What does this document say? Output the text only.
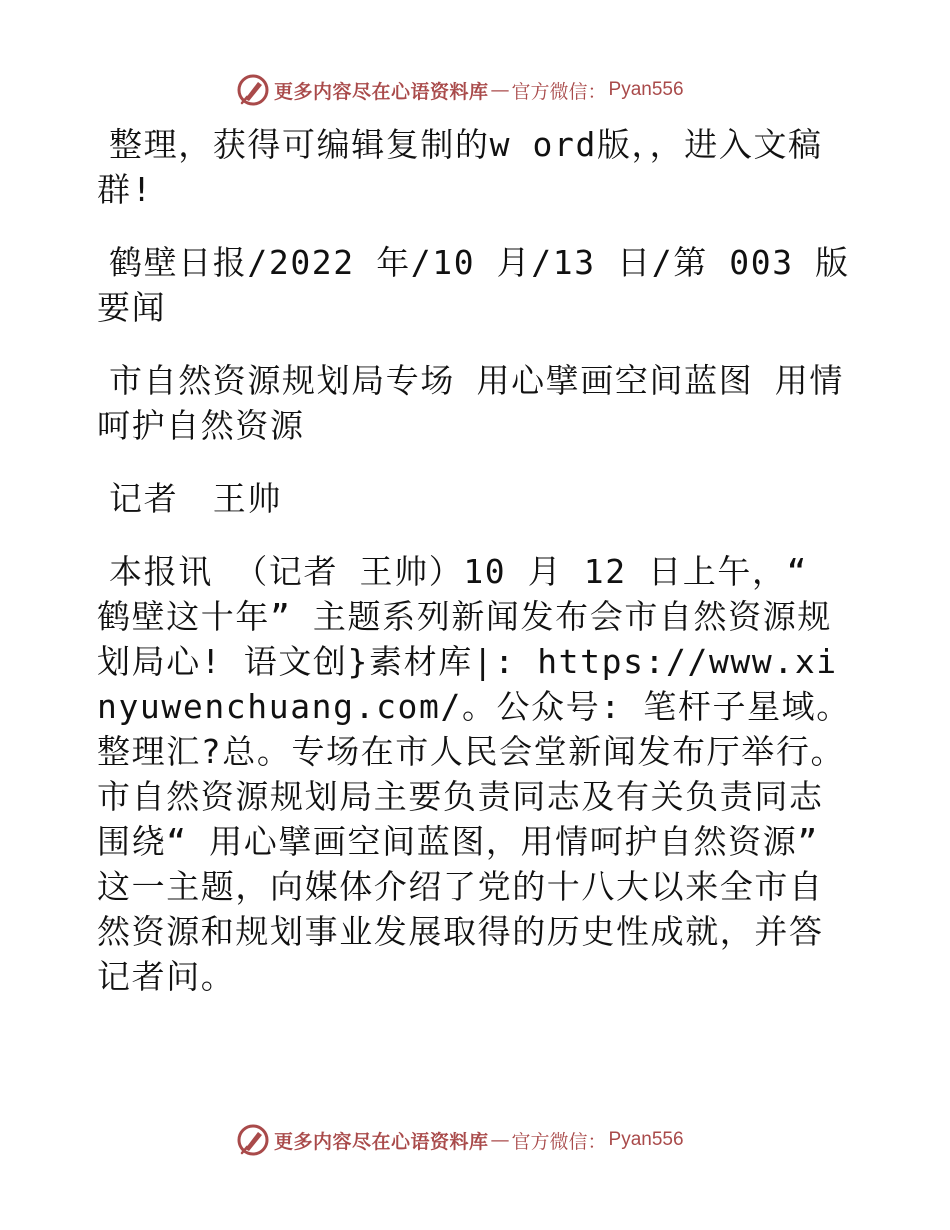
更多内容尽在心语资料库 — 官方微信： Pyan556

整理，获得可编辑复制的w ord版，，进入文稿群!

鹤壁日报/2022 年/10 月/13 日/第 003 版要闻

市自然资源规划局专场 用心擘画空间蓝图 用情呵护自然资源

记者　王帅

本报讯 （记者 王帅）10 月 12 日上午，“ 鹤壁这十年” 主题系列新闻发布会市自然资源规划局心! 语文创}素材库|: https://www.xinyuwenchuang.com/。公众号: 笔杆子星域。整理汇?总。专场在市人民会堂新闻发布厅举行。市自然资源规划局主要负责同志及有关负责同志围绕“ 用心擘画空间蓝图，用情呵护自然资源” 这一主题，向媒体介绍了党的十八大以来全市自然资源和规划事业发展取得的历史性成就，并答记者问。

更多内容尽在心语资料库 — 官方微信： Pyan556
